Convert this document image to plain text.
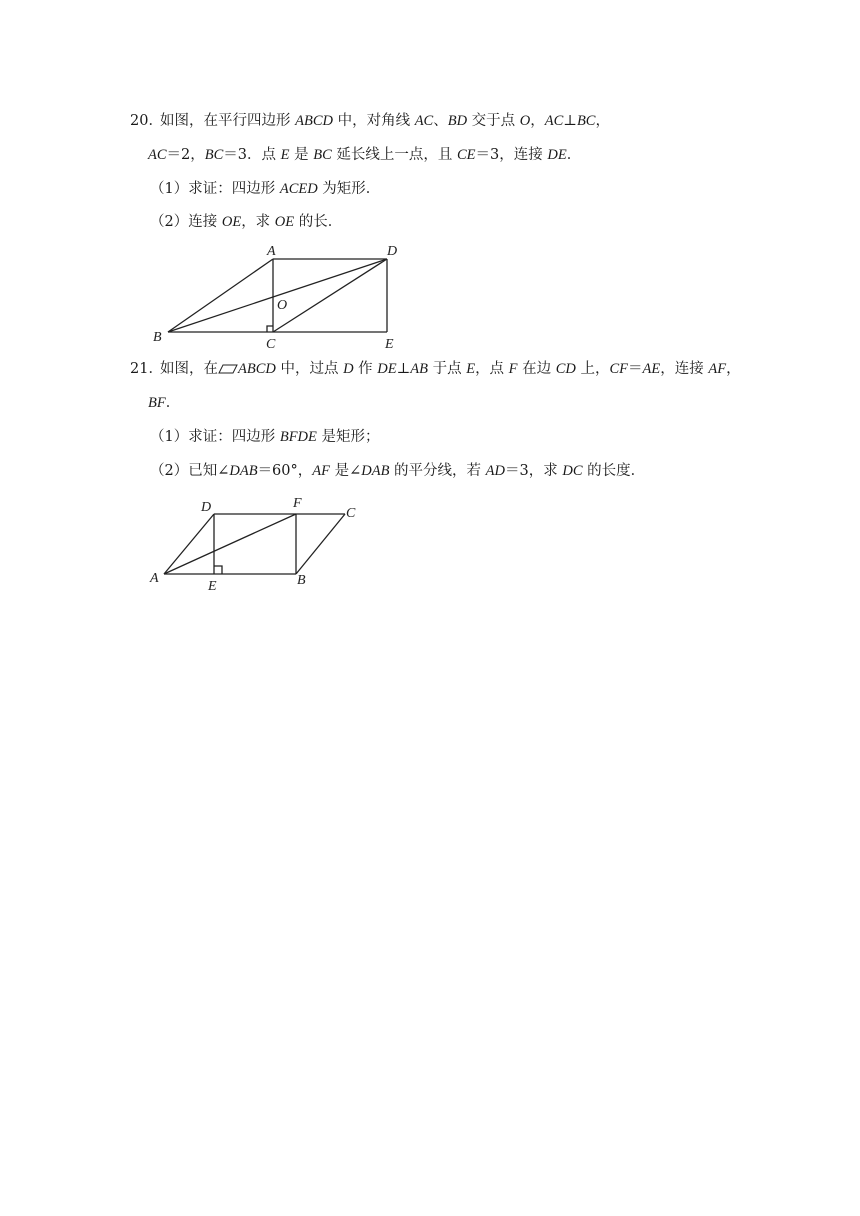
20．
如图，在平行四边形 ABCD 中，对角线 AC、BD 交于点 O，AC⊥BC，
AC＝2，BC＝3．点 E 是 BC 延长线上一点，且 CE＝3，连接 DE．
（1）求证：四边形 ACED 为矩形．
（2）连接 OE，求 OE 的长．
A	D
O
B	C	E
21．
如图，在 ABCD 中，过点 D 作 DE⊥AB 于点 E，点 F 在边 CD 上，CF＝AE，连接 AF，
BF．
（1）求证：四边形 BFDE 是矩形；
（2）已知∠DAB＝60°，AF 是∠DAB 的平分线，若 AD＝3，求 DC 的长度．
D	F
C
A
E	B
